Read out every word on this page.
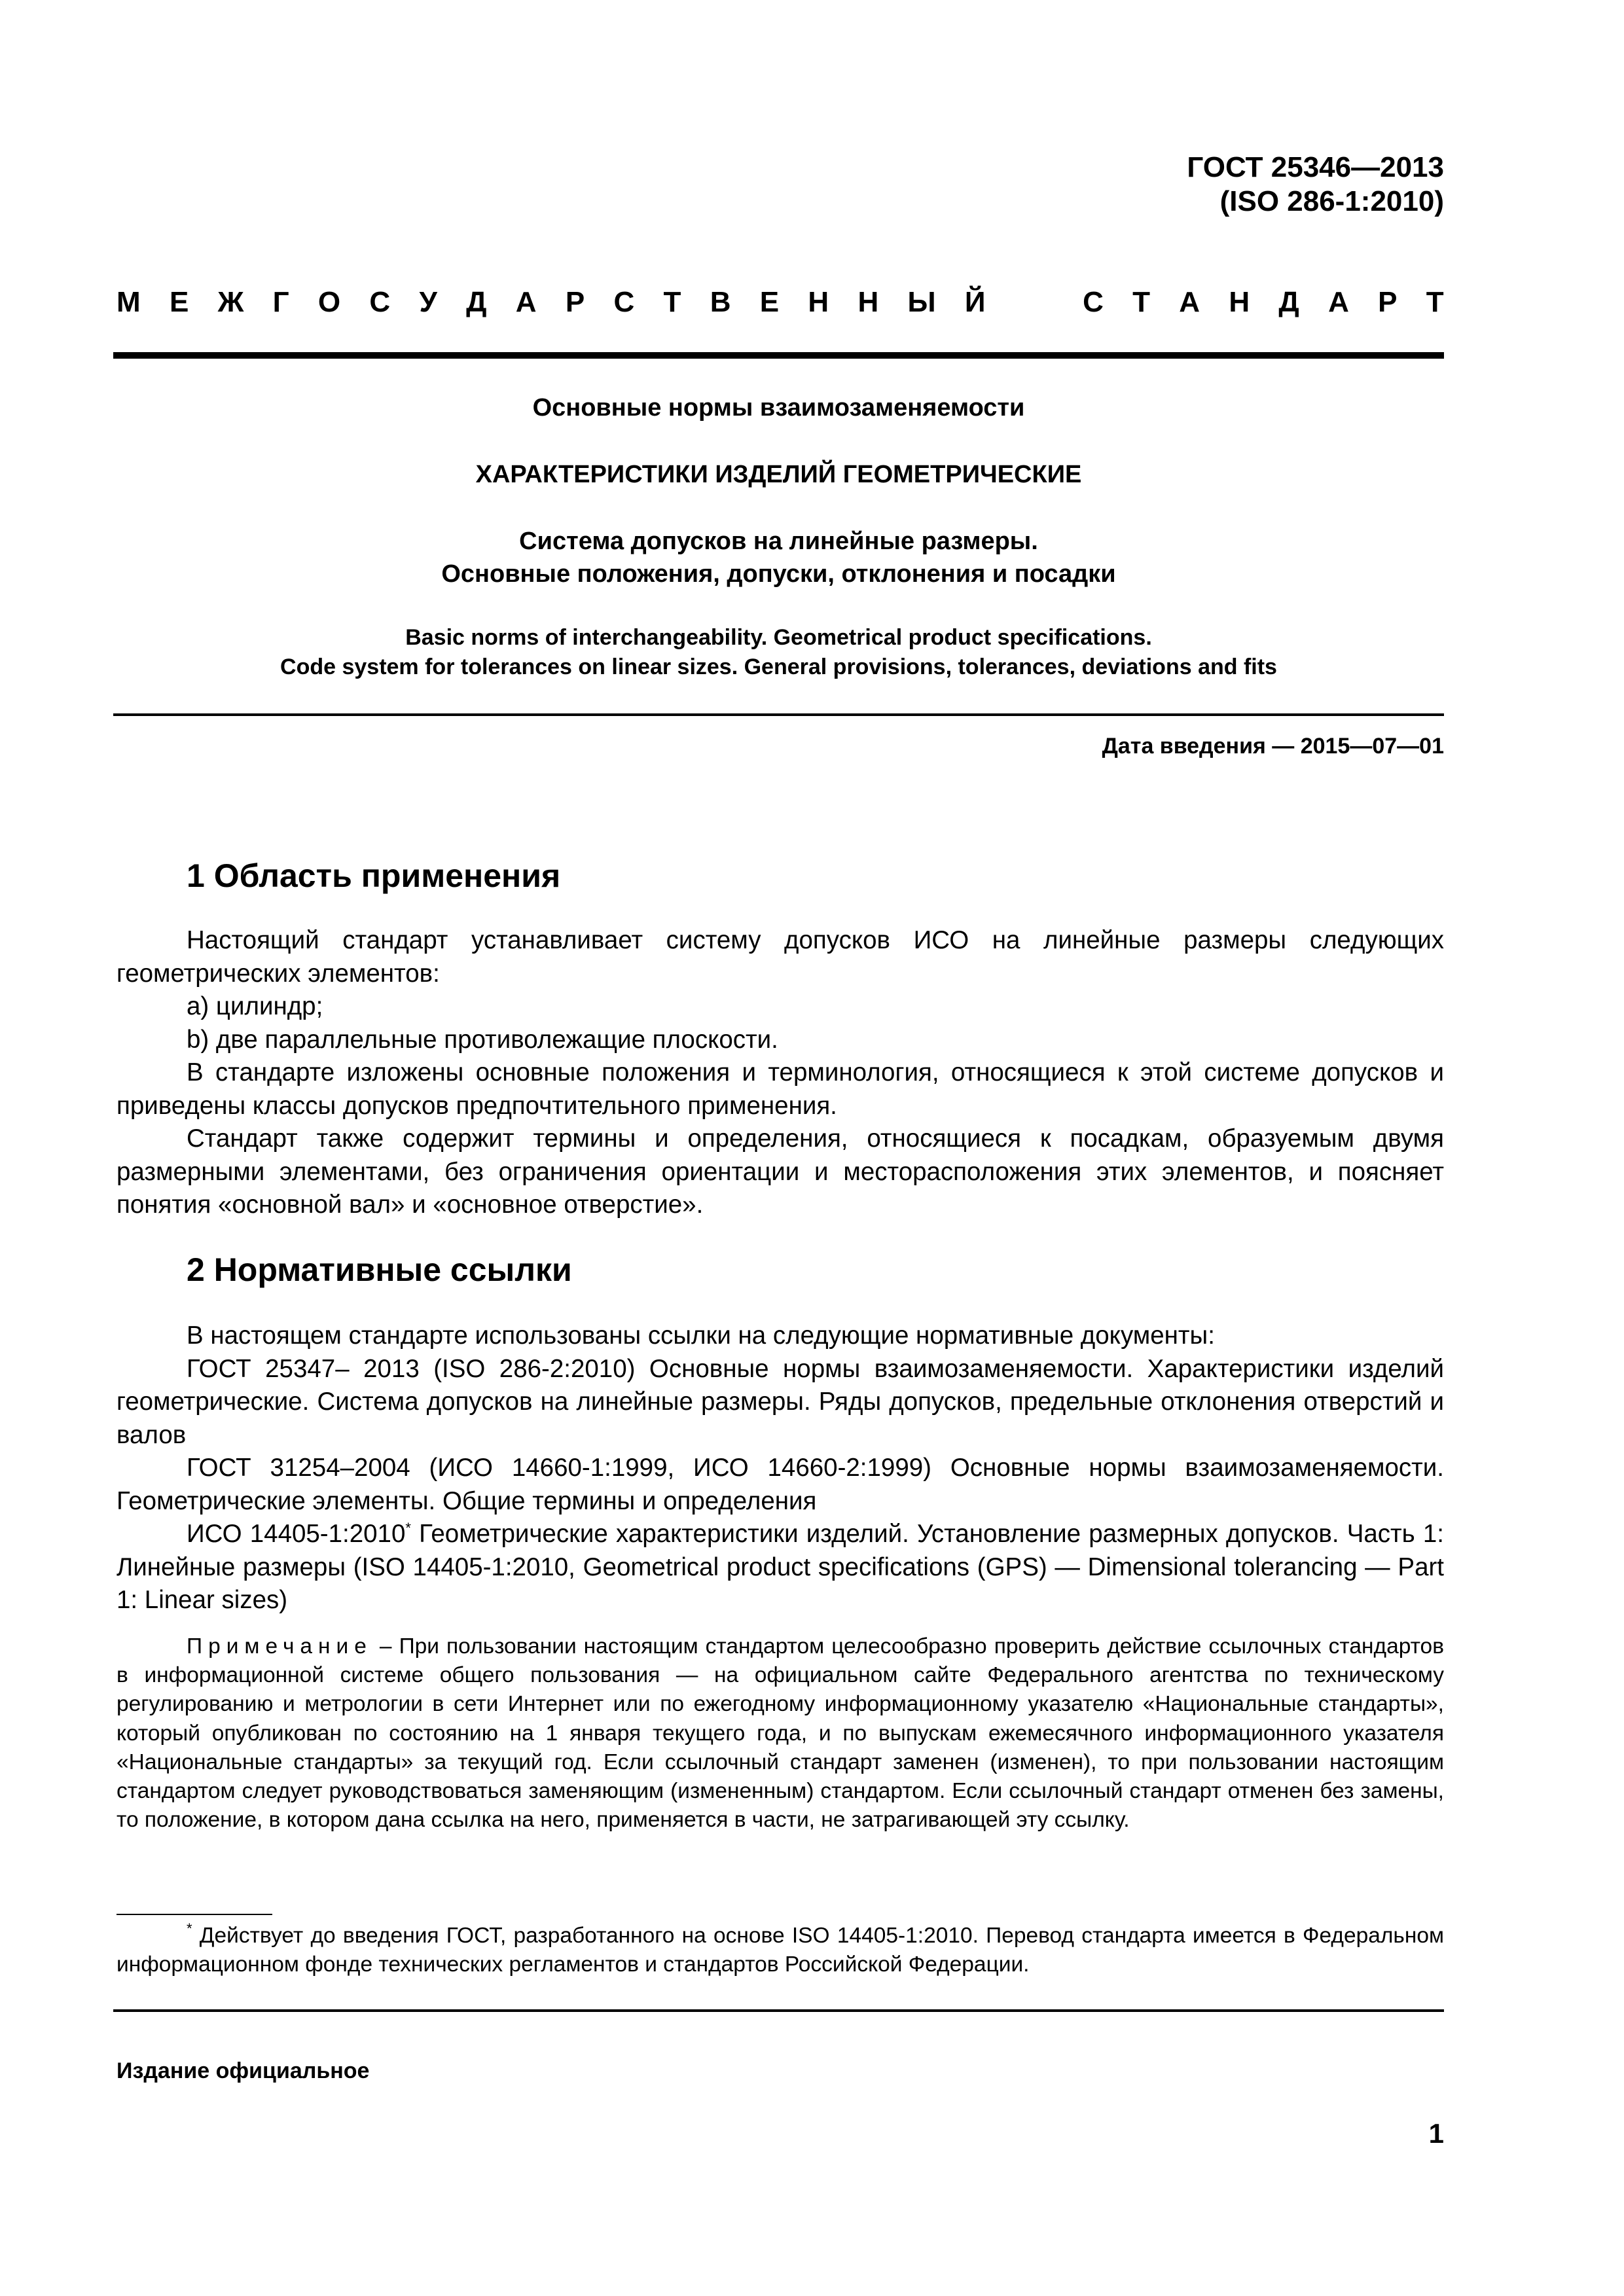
ГОСТ 25346—2013
(ISO 286-1:2010)
М Е Ж Г О С У Д А Р С Т В Е Н Н Ы Й	С Т А Н Д А Р Т
Основные нормы взаимозаменяемости
ХАРАКТЕРИСТИКИ ИЗДЕЛИЙ ГЕОМЕТРИЧЕСКИЕ
Система допусков на линейные размеры.
Основные положения, допуски, отклонения и посадки
Basic norms of interchangeability. Geometrical product specifications.
Code system for tolerances on linear sizes. General provisions, tolerances, deviations and fits
Дата введения — 2015—07—01
1 Область применения

Настоящий стандарт устанавливает систему допусков ИСО на линейные размеры следующих геометрических элементов:

a) цилиндр;

b) две параллельные противолежащие плоскости.

В стандарте изложены основные положения и терминология, относящиеся к этой системе допусков и приведены классы допусков предпочтительного применения.

Стандарт также содержит термины и определения, относящиеся к посадкам, образуемым двумя размерными элементами, без ограничения ориентации и месторасположения этих элементов, и поясняет понятия «основной вал» и «основное отверстие».

2 Нормативные ссылки

В настоящем стандарте использованы ссылки на следующие нормативные документы:

ГОСТ 25347– 2013 (ISO 286-2:2010) Основные нормы взаимозаменяемости. Характеристики изделий геометрические. Система допусков на линейные размеры. Ряды допусков, предельные отклонения отверстий и валов

ГОСТ 31254–2004 (ИСО 14660-1:1999, ИСО 14660-2:1999) Основные нормы взаимозаменяемости. Геометрические элементы. Общие термины и определения

ИСО 14405-1:2010* Геометрические характеристики изделий. Установление размерных допусков. Часть 1: Линейные размеры (ISO 14405-1:2010, Geometrical product specifications (GPS) — Dimensional tolerancing — Part 1: Linear sizes)

Примечание – При пользовании настоящим стандартом целесообразно проверить действие ссылочных стандартов в информационной системе общего пользования — на официальном сайте Федерального агентства по техническому регулированию и метрологии в сети Интернет или по ежегодному информационному указателю «Национальные стандарты», который опубликован по состоянию на 1 января текущего года, и по выпускам ежемесячного информационного указателя «Национальные стандарты» за текущий год. Если ссылочный стандарт заменен (изменен), то при пользовании настоящим стандартом следует руководствоваться заменяющим (измененным) стандартом. Если ссылочный стандарт отменен без замены, то положение, в котором дана ссылка на него, применяется в части, не затрагивающей эту ссылку.

* Действует до введения ГОСТ, разработанного на основе ISO 14405-1:2010. Перевод стандарта имеется в Федеральном информационном фонде технических регламентов и стандартов Российской Федерации.

Издание официальное
1
